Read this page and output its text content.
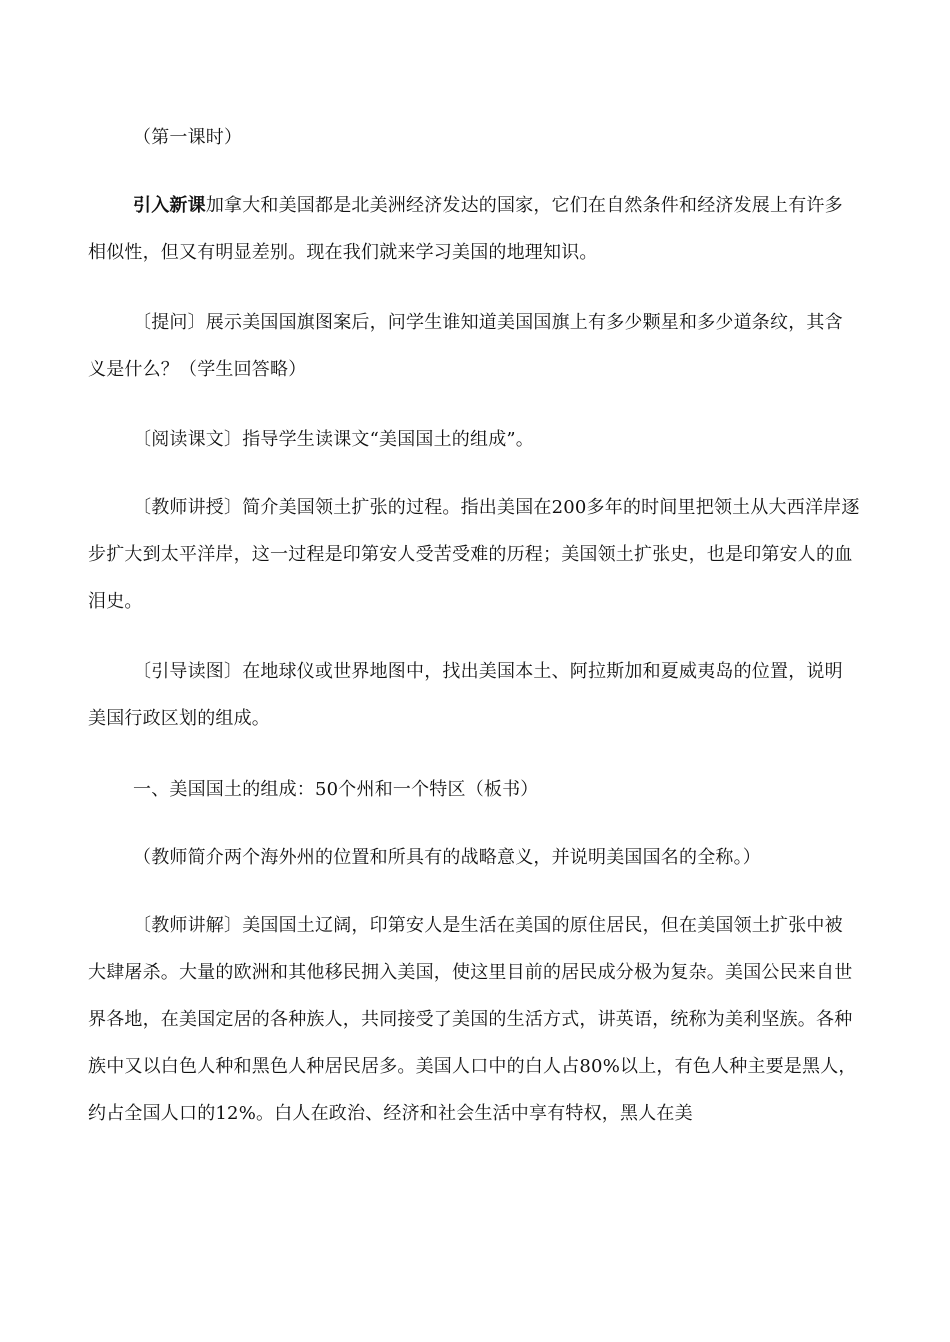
（第一课时）

引入新课加拿大和美国都是北美洲经济发达的国家，它们在自然条件和经济发展上有许多相似性，但又有明显差别。现在我们就来学习美国的地理知识。

〔提问〕展示美国国旗图案后，问学生谁知道美国国旗上有多少颗星和多少道条纹，其含义是什么？（学生回答略）

〔阅读课文〕指导学生读课文“美国国土的组成”。

〔教师讲授〕简介美国领土扩张的过程。指出美国在200多年的时间里把领土从大西洋岸逐步扩大到太平洋岸，这一过程是印第安人受苦受难的历程；美国领土扩张史，也是印第安人的血泪史。

〔引导读图〕在地球仪或世界地图中，找出美国本土、阿拉斯加和夏威夷岛的位置，说明美国行政区划的组成。

一、美国国土的组成：50个州和一个特区（板书）

（教师简介两个海外州的位置和所具有的战略意义，并说明美国国名的全称。）

〔教师讲解〕美国国土辽阔，印第安人是生活在美国的原住居民，但在美国领土扩张中被大肆屠杀。大量的欧洲和其他移民拥入美国，使这里目前的居民成分极为复杂。美国公民来自世界各地，在美国定居的各种族人，共同接受了美国的生活方式，讲英语，统称为美利坚族。各种族中又以白色人种和黑色人种居民居多。美国人口中的白人占80%以上，有色人种主要是黑人，约占全国人口的12%。白人在政治、经济和社会生活中享有特权，黑人在美
